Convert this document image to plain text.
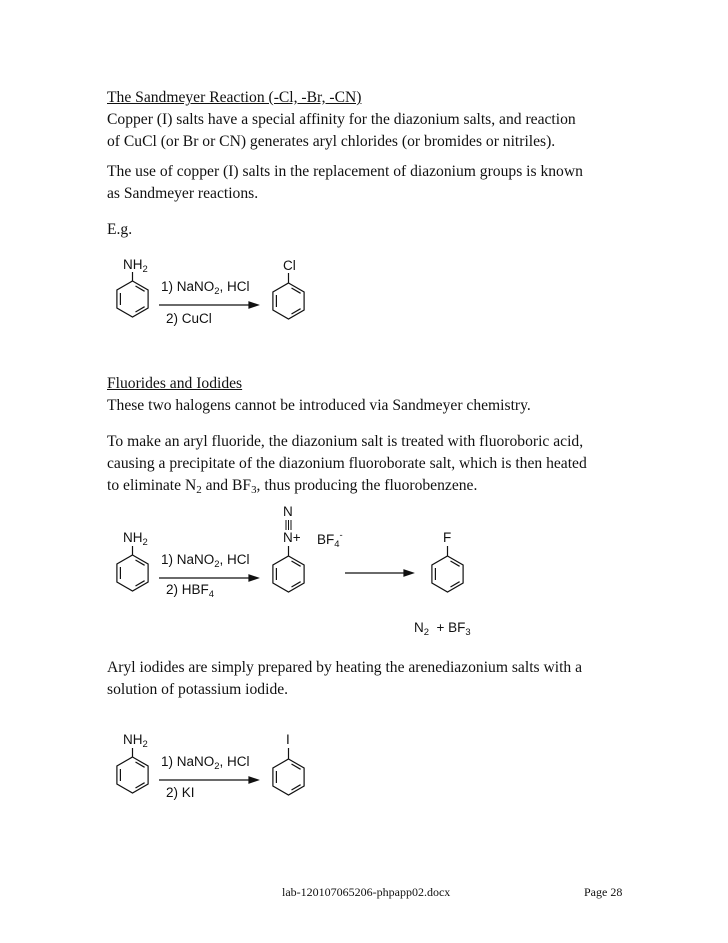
The Sandmeyer Reaction (-Cl, -Br, -CN)
Copper (I) salts have a special affinity for the diazonium salts, and reaction
of CuCl (or Br or CN) generates aryl chlorides (or bromides or nitriles).
The use of copper (I) salts in the replacement of diazonium groups is known
as Sandmeyer reactions.
E.g.
$NH_2$
1) NaNO$_2$, HCl
2) CuCl
Cl
Fluorides and Iodides
These two halogens cannot be introduced via Sandmeyer chemistry.
To make an aryl fluoride, the diazonium salt is treated with fluoroboric acid,
causing a precipitate of the diazonium fluoroborate salt, which is then heated
to eliminate $N_2$ and $BF_3$, thus producing the fluorobenzene.
$NH_2$
1) NaNO$_2$, HCl
2) $HBF_4$
N
$N+ BF_4^-$	F
$N_2 + BF_3$
Aryl iodides are simply prepared by heating the arenediazonium salts with a
solution of potassium iodide.
$NH_2$
1) NaNO$_2$, HCl
2) KI
I
lab-120107065206-phpapp02.docx	Page 28
